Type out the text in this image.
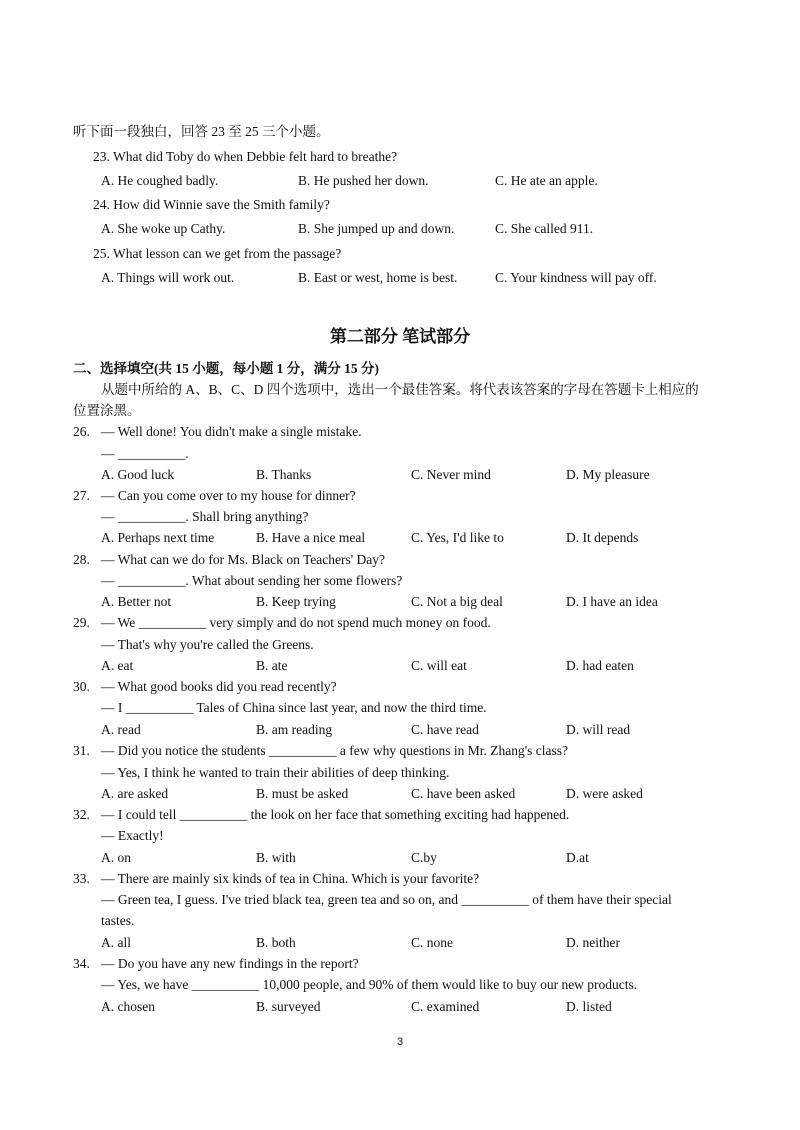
听下面一段独白，回答 23 至 25 三个小题。
23. What did Toby do when Debbie felt hard to breathe?
A. He coughed badly.	B. He pushed her down.	C. He ate an apple.
24. How did Winnie save the Smith family?
A. She woke up Cathy.	B. She jumped up and down.	C. She called 911.
25. What lesson can we get from the passage?
A. Things will work out.	B. East or west, home is best.	C. Your kindness will pay off.
第二部分 笔试部分
二、选择填空(共 15 小题，每小题 1 分，满分 15 分)
从题中所给的 A、B、C、D 四个选项中，选出一个最佳答案。将代表该答案的字母在答题卡上相应的
位置涂黑。
26. — Well done! You didn't make a single mistake.
— __________.
A. Good luck	B. Thanks	C. Never mind	D. My pleasure
27. — Can you come over to my house for dinner?
— __________. Shall bring anything?
A. Perhaps next time	B. Have a nice meal	C. Yes, I'd like to	D. It depends
28. — What can we do for Ms. Black on Teachers' Day?
— __________. What about sending her some flowers?
A. Better not	B. Keep trying	C. Not a big deal	D. I have an idea
29. — We __________ very simply and do not spend much money on food.
— That's why you're called the Greens.
A. eat	B. ate	C. will eat	D. had eaten
30. — What good books did you read recently?
— I __________ Tales of China since last year, and now the third time.
A. read	B. am reading	C. have read	D. will read
31. — Did you notice the students __________ a few why questions in Mr. Zhang's class?
— Yes, I think he wanted to train their abilities of deep thinking.
A. are asked	B. must be asked	C. have been asked	D. were asked
32. — I could tell __________ the look on her face that something exciting had happened.
— Exactly!
A. on	B. with	C.by	D.at
33. — There are mainly six kinds of tea in China. Which is your favorite?
— Green tea, I guess. I've tried black tea, green tea and so on, and __________ of them have their special
tastes.
A. all	B. both	C. none	D. neither
34. — Do you have any new findings in the report?
— Yes, we have __________ 10,000 people, and 90% of them would like to buy our new products.
A. chosen	B. surveyed	C. examined	D. listed
3
